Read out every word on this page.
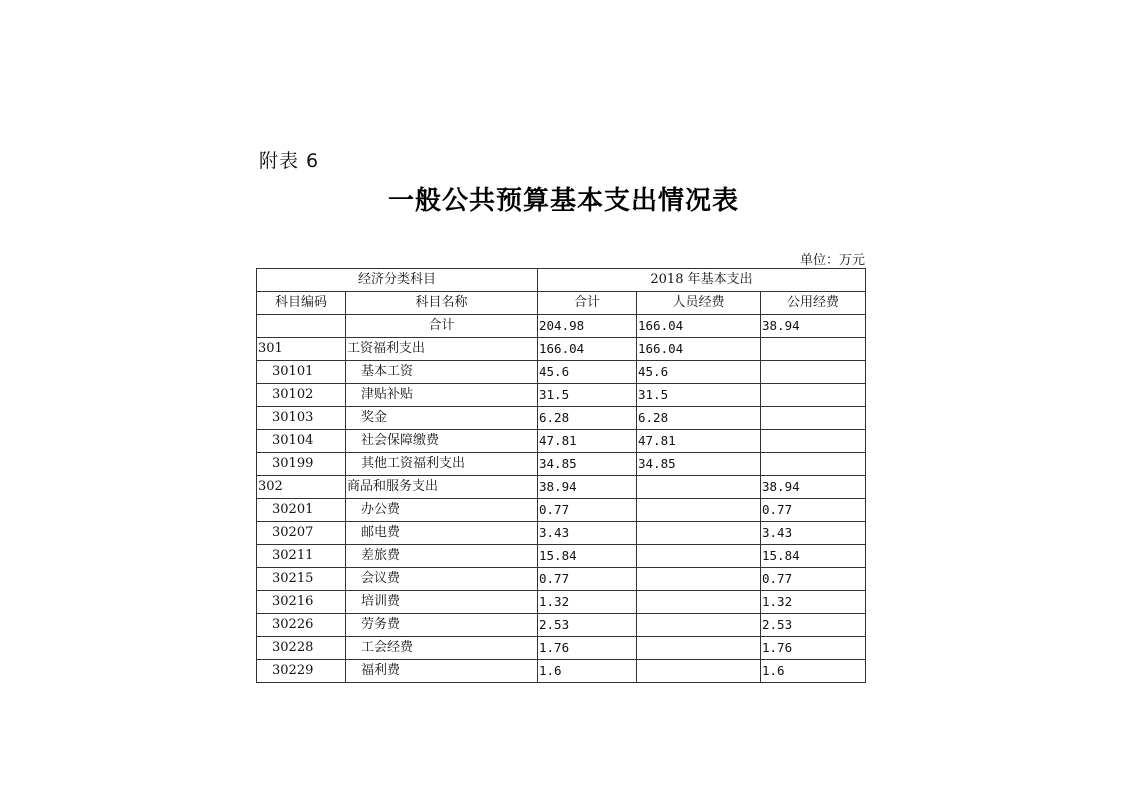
附表 6
一般公共预算基本支出情况表
单位：万元
经济分类科目		2018 年基本支出		
科目编码	科目名称	合计	人员经费	公用经费
	合计	204.98	166.04	38.94
301	工资福利支出	166.04	166.04	
30101	基本工资	45.6	45.6	
30102	津贴补贴	31.5	31.5	
30103	奖金	6.28	6.28	
30104	社会保障缴费	47.81	47.81	
30199	其他工资福利支出	34.85	34.85	
302	商品和服务支出	38.94		38.94
30201	办公费	0.77		0.77
30207	邮电费	3.43		3.43
30211	差旅费	15.84		15.84
30215	会议费	0.77		0.77
30216	培训费	1.32		1.32
30226	劳务费	2.53		2.53
30228	工会经费	1.76		1.76
30229	福利费	1.6		1.6
